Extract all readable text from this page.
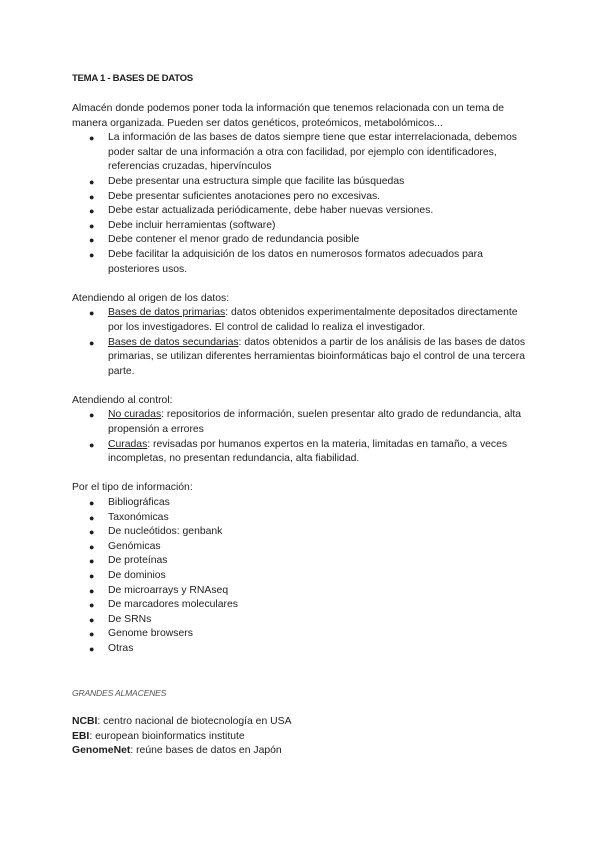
TEMA 1 - BASES DE DATOS

Almacén donde podemos poner toda la información que tenemos relacionada con un tema de manera organizada. Pueden ser datos genéticos, proteómicos, metabolómicos...

● La información de las bases de datos siempre tiene que estar interrelacionada, debemos poder saltar de una información a otra con facilidad, por ejemplo con identificadores, referencias cruzadas, hipervínculos
● Debe presentar una estructura simple que facilite las búsquedas
● Debe presentar suficientes anotaciones pero no excesivas.
● Debe estar actualizada periódicamente, debe haber nuevas versiones.
● Debe incluir herramientas (software)
● Debe contener el menor grado de redundancia posible
● Debe facilitar la adquisición de los datos en numerosos formatos adecuados para posteriores usos.

Atendiendo al origen de los datos:

● Bases de datos primarias: datos obtenidos experimentalmente depositados directamente por los investigadores. El control de calidad lo realiza el investigador.
● Bases de datos secundarias: datos obtenidos a partir de los análisis de las bases de datos primarias, se utilizan diferentes herramientas bioinformáticas bajo el control de una tercera parte.

Atendiendo al control:

● No curadas: repositorios de información, suelen presentar alto grado de redundancia, alta propensión a errores
● Curadas: revisadas por humanos expertos en la materia, limitadas en tamaño, a veces incompletas, no presentan redundancia, alta fiabilidad.

Por el tipo de información:

● Bibliográficas
● Taxonómicas
● De nucleótidos: genbank
● Genómicas
● De proteínas
● De dominios
● De microarrays y RNAseq
● De marcadores moleculares
● De SRNs
● Genome browsers
● Otras

GRANDES ALMACENES

NCBI: centro nacional de biotecnología en USA

EBI: european bioinformatics institute

GenomeNet: reúne bases de datos en Japón
